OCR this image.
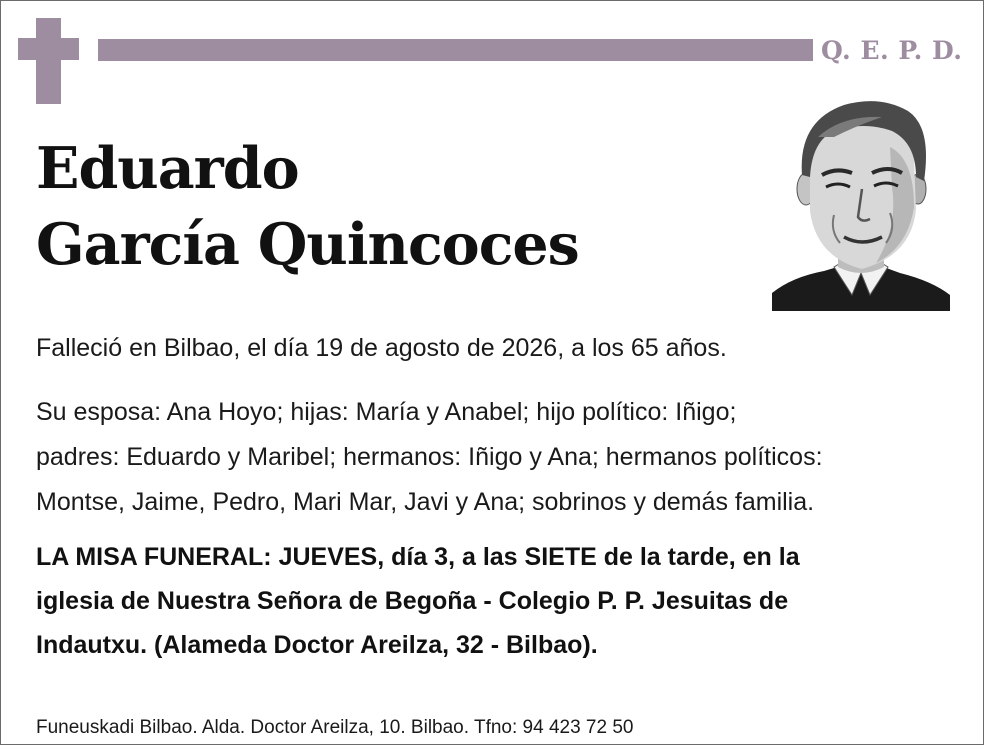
Q. E. P. D.
Eduardo
García Quincoces
Falleció en Bilbao, el día 19 de agosto de 2026, a los 65 años.
Su esposa: Ana Hoyo; hijas: María y Anabel; hijo político: Iñigo;
padres: Eduardo y Maribel; hermanos: Iñigo y Ana; hermanos políticos:
Montse, Jaime, Pedro, Mari Mar, Javi y Ana; sobrinos y demás familia.
LA MISA FUNERAL: JUEVES, día 3, a las SIETE de la tarde, en la
iglesia de Nuestra Señora de Begoña - Colegio P. P. Jesuitas de
Indautxu. (Alameda Doctor Areilza, 32 - Bilbao).
Funeuskadi Bilbao. Alda. Doctor Areilza, 10. Bilbao. Tfno: 94 423 72 50
